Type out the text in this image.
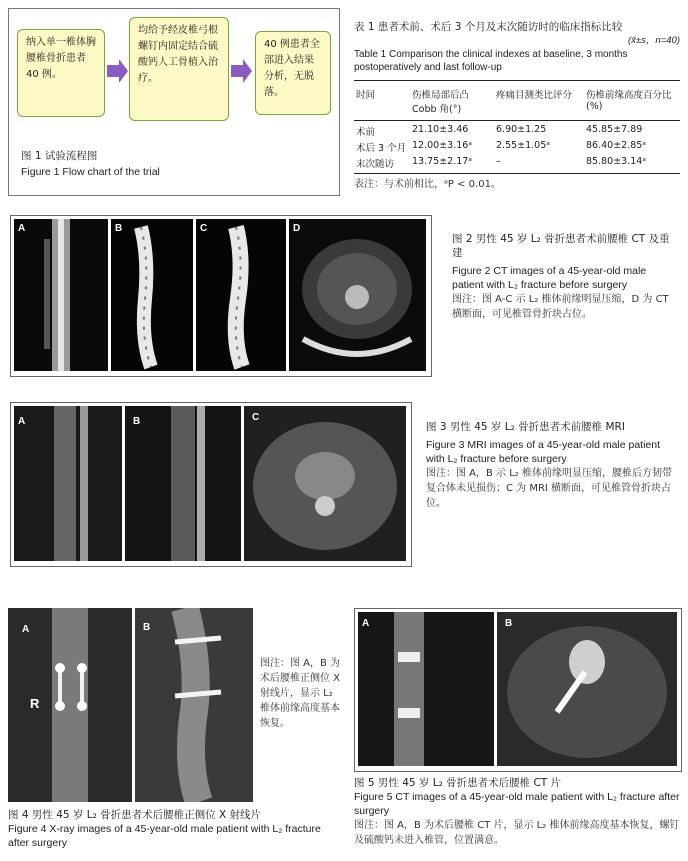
纳入单一椎体胸腰椎骨折患者 40 例。
均给予经皮椎弓根螺钉内固定结合硫酸钙人工骨植入治疗。
40 例患者全部进入结果分析，无脱落。
图 1 试验流程图
Figure 1 Flow chart of the trial
表 1 患者术前、术后 3 个月及末次随访时的临床指标比较
(x̄±s，n=40)
Table 1 Comparison the clinical indexes at baseline, 3 months postoperatively and last follow-up
时间	伤椎局部后凸 Cobb 角(°)	疼痛目测类比评分	伤椎前缘高度百分比(%)

术前	21.10±3.46	6.90±1.25	45.85±7.89
术后 3 个月	12.00±3.16ᵃ	2.55±1.05ᵃ	86.40±2.85ᵃ
末次随访	13.75±2.17ᵃ	–	85.80±3.14ᵃ
表注：与术前相比，ᵃP < 0.01。
A	B	C	D
图 2 男性 45 岁 L₂ 骨折患者术前腰椎 CT 及重建
Figure 2 CT images of a 45-year-old male patient with L₂ fracture before surgery
图注：图 A-C 示 L₂ 椎体前缘明显压缩，D 为 CT 横断面，可见椎管骨折块占位。
A	B	C
图 3 男性 45 岁 L₂ 骨折患者术前腰椎 MRI
Figure 3 MRI images of a 45-year-old male patient with L₂ fracture before surgery
图注：图 A，B 示 L₂ 椎体前缘明显压缩，腰椎后方韧带复合体未见损伤；C 为 MRI 横断面，可见椎管骨折块占位。
A
R
B
图注：图 A，B 为术后腰椎正侧位 X 射线片，显示 L₂ 椎体前缘高度基本恢复。
图 4 男性 45 岁 L₂ 骨折患者术后腰椎正侧位 X 射线片
Figure 4 X-ray images of a 45-year-old male patient with L₂ fracture after surgery
A	B
图 5 男性 45 岁 L₂ 骨折患者术后腰椎 CT 片
Figure 5 CT images of a 45-year-old male patient with L₂ fracture after surgery
图注：图 A，B 为术后腰椎 CT 片，显示 L₂ 椎体前缘高度基本恢复，螺钉及硫酸钙未进入椎管，位置满意。
